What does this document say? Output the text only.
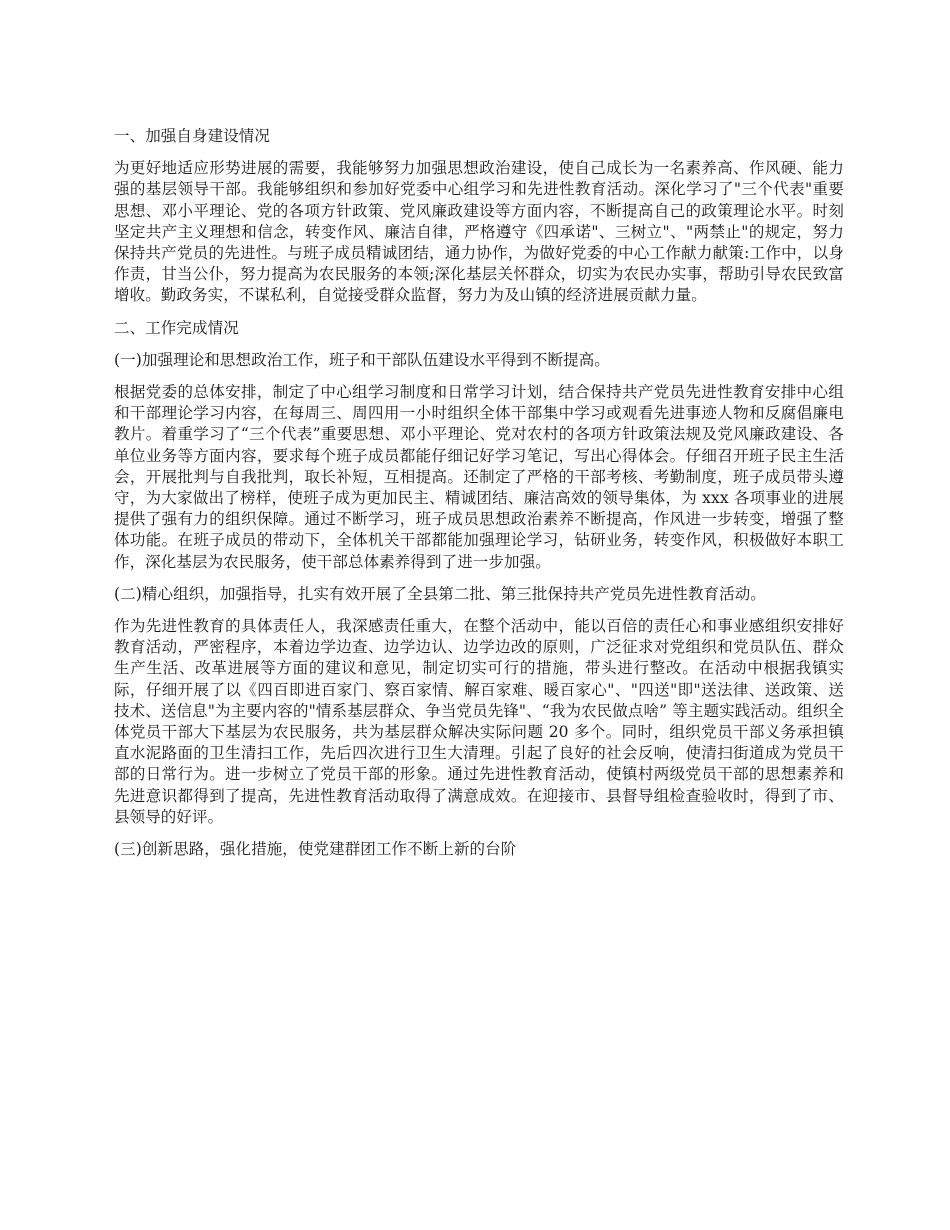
一、加强自身建设情况

为更好地适应形势进展的需要，我能够努力加强思想政治建设，使自己成长为一名素养高、作风硬、能力强的基层领导干部。我能够组织和参加好党委中心组学习和先进性教育活动。深化学习了"三个代表"重要思想、邓小平理论、党的各项方针政策、党风廉政建设等方面内容，不断提高自己的政策理论水平。时刻坚定共产主义理想和信念，转变作风、廉洁自律，严格遵守《四承诺"、三树立"、"两禁止"的规定，努力保持共产党员的先进性。与班子成员精诚团结，通力协作，为做好党委的中心工作献力献策:工作中，以身作责，甘当公仆，努力提高为农民服务的本领;深化基层关怀群众，切实为农民办实事，帮助引导农民致富增收。勤政务实，不谋私利，自觉接受群众监督，努力为及山镇的经济进展贡献力量。

二、工作完成情况

(一)加强理论和思想政治工作，班子和干部队伍建设水平得到不断提高。

根据党委的总体安排，制定了中心组学习制度和日常学习计划，结合保持共产党员先进性教育安排中心组和干部理论学习内容，在每周三、周四用一小时组织全体干部集中学习或观看先进事迹人物和反腐倡廉电教片。着重学习了“三个代表”重要思想、邓小平理论、党对农村的各项方针政策法规及党风廉政建设、各单位业务等方面内容，要求每个班子成员都能仔细记好学习笔记，写出心得体会。仔细召开班子民主生活会，开展批判与自我批判，取长补短，互相提高。还制定了严格的干部考核、考勤制度，班子成员带头遵守，为大家做出了榜样，使班子成为更加民主、精诚团结、廉洁高效的领导集体，为 xxx 各项事业的进展提供了强有力的组织保障。通过不断学习，班子成员思想政治素养不断提高，作风进一步转变，增强了整体功能。在班子成员的带动下，全体机关干部都能加强理论学习，钻研业务，转变作风，积极做好本职工作，深化基层为农民服务，使干部总体素养得到了进一步加强。

(二)精心组织，加强指导，扎实有效开展了全县第二批、第三批保持共产党员先进性教育活动。

作为先进性教育的具体责任人，我深感责任重大，在整个活动中，能以百倍的责任心和事业感组织安排好教育活动，严密程序，本着边学边查、边学边认、边学边改的原则，广泛征求对党组织和党员队伍、群众生产生活、改革进展等方面的建议和意见，制定切实可行的措施，带头进行整改。在活动中根据我镇实际，仔细开展了以《四百即进百家门、察百家情、解百家难、暖百家心"、"四送"即"送法律、送政策、送技术、送信息"为主要内容的"情系基层群众、争当党员先锋"、“我为农民做点啥” 等主题实践活动。组织全体党员干部大下基层为农民服务，共为基层群众解决实际问题 20 多个。同时，组织党员干部义务承担镇直水泥路面的卫生清扫工作，先后四次进行卫生大清理。引起了良好的社会反响，使清扫街道成为党员干部的日常行为。进一步树立了党员干部的形象。通过先进性教育活动，使镇村两级党员干部的思想素养和先进意识都得到了提高，先进性教育活动取得了满意成效。在迎接市、县督导组检查验收时，得到了市、县领导的好评。

(三)创新思路，强化措施，使党建群团工作不断上新的台阶
